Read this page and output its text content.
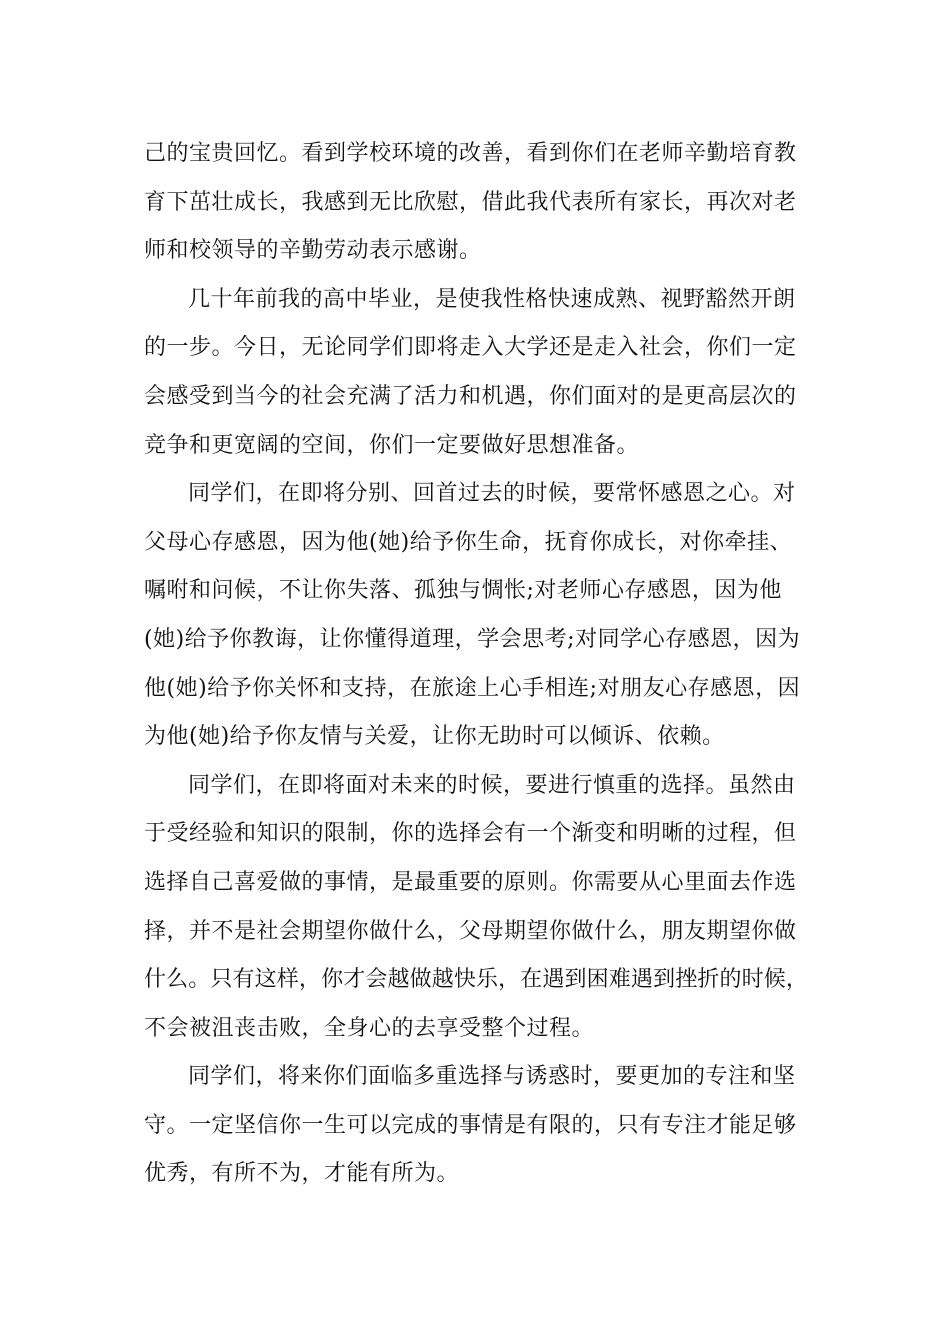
己的宝贵回忆。看到学校环境的改善，看到你们在老师辛勤培育教
育下茁壮成长，我感到无比欣慰，借此我代表所有家长，再次对老
师和校领导的辛勤劳动表示感谢。
几十年前我的高中毕业，是使我性格快速成熟、视野豁然开朗
的一步。今日，无论同学们即将走入大学还是走入社会，你们一定
会感受到当今的社会充满了活力和机遇，你们面对的是更高层次的
竞争和更宽阔的空间，你们一定要做好思想准备。
同学们，在即将分别、回首过去的时候，要常怀感恩之心。对
父母心存感恩，因为他(她)给予你生命，抚育你成长，对你牵挂、
嘱咐和问候，不让你失落、孤独与惆怅;对老师心存感恩，因为他
(她)给予你教诲，让你懂得道理，学会思考;对同学心存感恩，因为
他(她)给予你关怀和支持，在旅途上心手相连;对朋友心存感恩，因
为他(她)给予你友情与关爱，让你无助时可以倾诉、依赖。
同学们，在即将面对未来的时候，要进行慎重的选择。虽然由
于受经验和知识的限制，你的选择会有一个渐变和明晰的过程，但
选择自己喜爱做的事情，是最重要的原则。你需要从心里面去作选
择，并不是社会期望你做什么，父母期望你做什么，朋友期望你做
什么。只有这样，你才会越做越快乐，在遇到困难遇到挫折的时候，
不会被沮丧击败，全身心的去享受整个过程。
同学们，将来你们面临多重选择与诱惑时，要更加的专注和坚
守。一定坚信你一生可以完成的事情是有限的，只有专注才能足够
优秀，有所不为，才能有所为。
